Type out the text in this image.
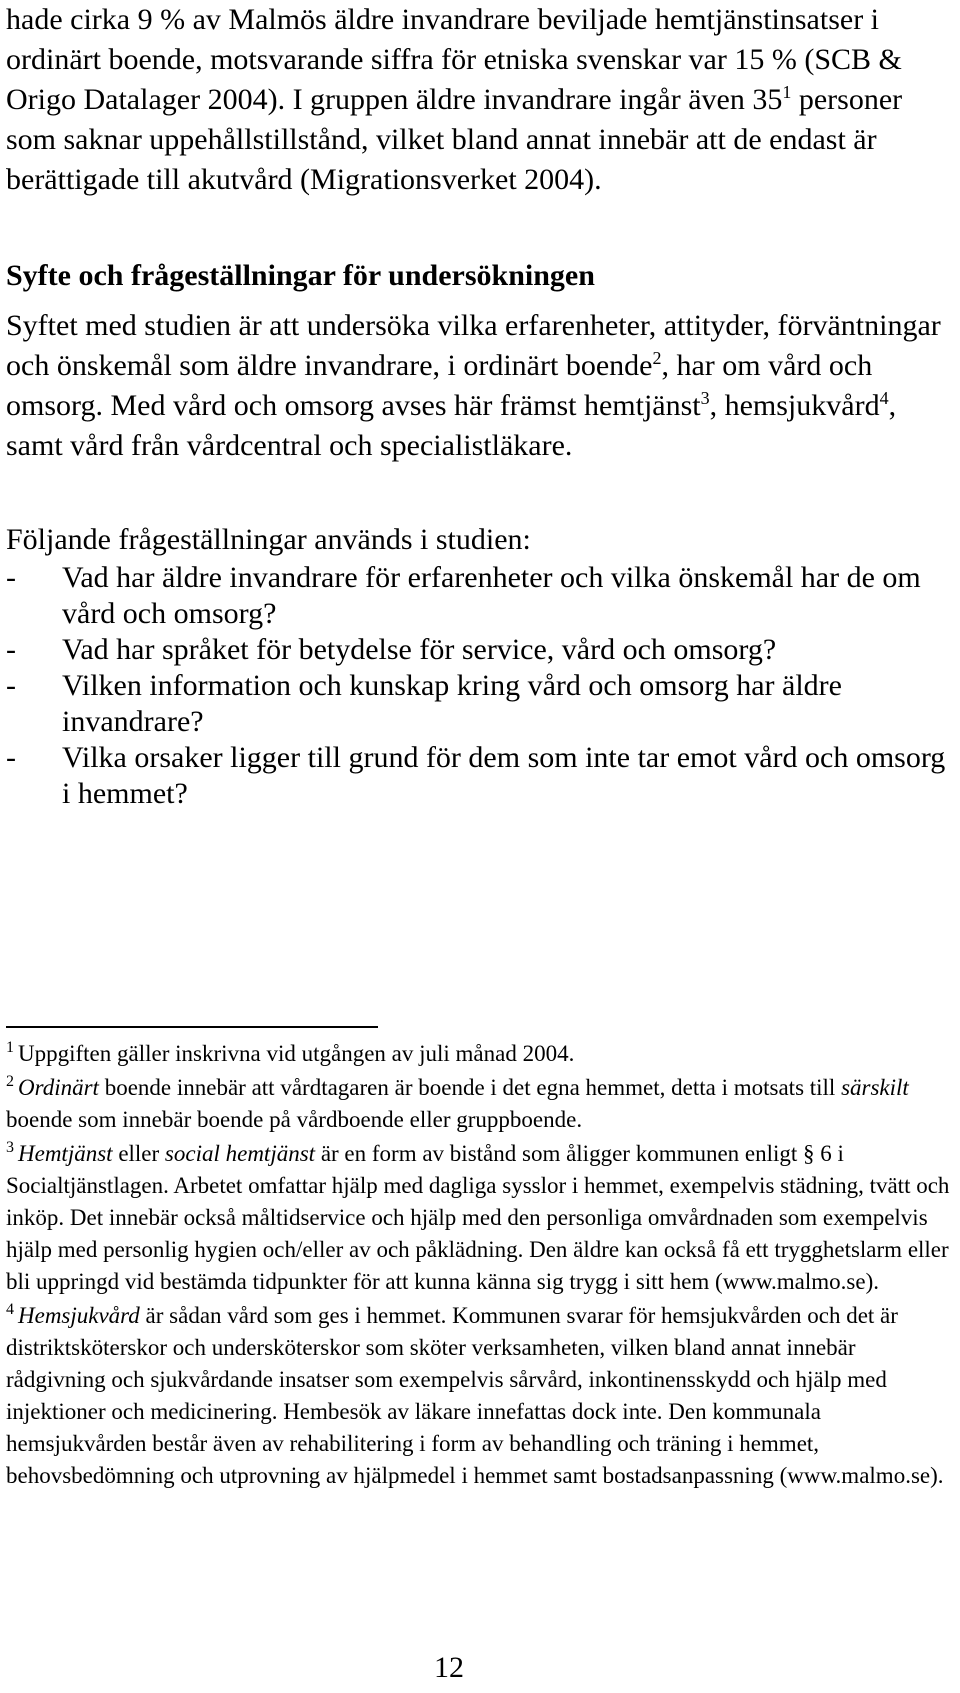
hade cirka 9 % av Malmös äldre invandrare beviljade hemtjänstinsatser i ordinärt boende, motsvarande siffra för etniska svenskar var 15 % (SCB & Origo Datalager 2004). I gruppen äldre invandrare ingår även $35^1$ personer som saknar uppehållstillstånd, vilket bland annat innebär att de endast är berättigade till akutvård (Migrationsverket 2004).

Syfte och frågeställningar för undersökningen

Syftet med studien är att undersöka vilka erfarenheter, attityder, förväntningar och önskemål som äldre invandrare, i ordinärt boende$^2$, har om vård och omsorg. Med vård och omsorg avses här främst hemtjänst$^3$, hemsjukvård$^4$, samt vård från vårdcentral och specialistläkare.

Följande frågeställningar används i studien:

- Vad har äldre invandrare för erfarenheter och vilka önskemål har de om vård och omsorg?
- Vad har språket för betydelse för service, vård och omsorg?
- Vilken information och kunskap kring vård och omsorg har äldre invandrare?
- Vilka orsaker ligger till grund för dem som inte tar emot vård och omsorg i hemmet?

$^1$ Uppgiften gäller inskrivna vid utgången av juli månad 2004.

$^2$ Ordinärt boende innebär att vårdtagaren är boende i det egna hemmet, detta i motsats till särskilt boende som innebär boende på vårdboende eller gruppboende.

$^3$ Hemtjänst eller social hemtjänst är en form av bistånd som åligger kommunen enligt § 6 i Socialtjänstlagen. Arbetet omfattar hjälp med dagliga sysslor i hemmet, exempelvis städning, tvätt och inköp. Det innebär också måltidservice och hjälp med den personliga omvårdnaden som exempelvis hjälp med personlig hygien och/eller av och påklädning. Den äldre kan också få ett trygghetslarm eller bli uppringd vid bestämda tidpunkter för att kunna känna sig trygg i sitt hem (www.malmo.se).

$^4$ Hemsjukvård är sådan vård som ges i hemmet. Kommunen svarar för hemsjukvården och det är distriktsköterskor och undersköterskor som sköter verksamheten, vilken bland annat innebär rådgivning och sjukvårdande insatser som exempelvis sårvård, inkontinensskydd och hjälp med injektioner och medicinering. Hembesök av läkare innefattas dock inte. Den kommunala hemsjukvården består även av rehabilitering i form av behandling och träning i hemmet, behovsbedömning och utprovning av hjälpmedel i hemmet samt bostadsanpassning (www.malmo.se).

12
